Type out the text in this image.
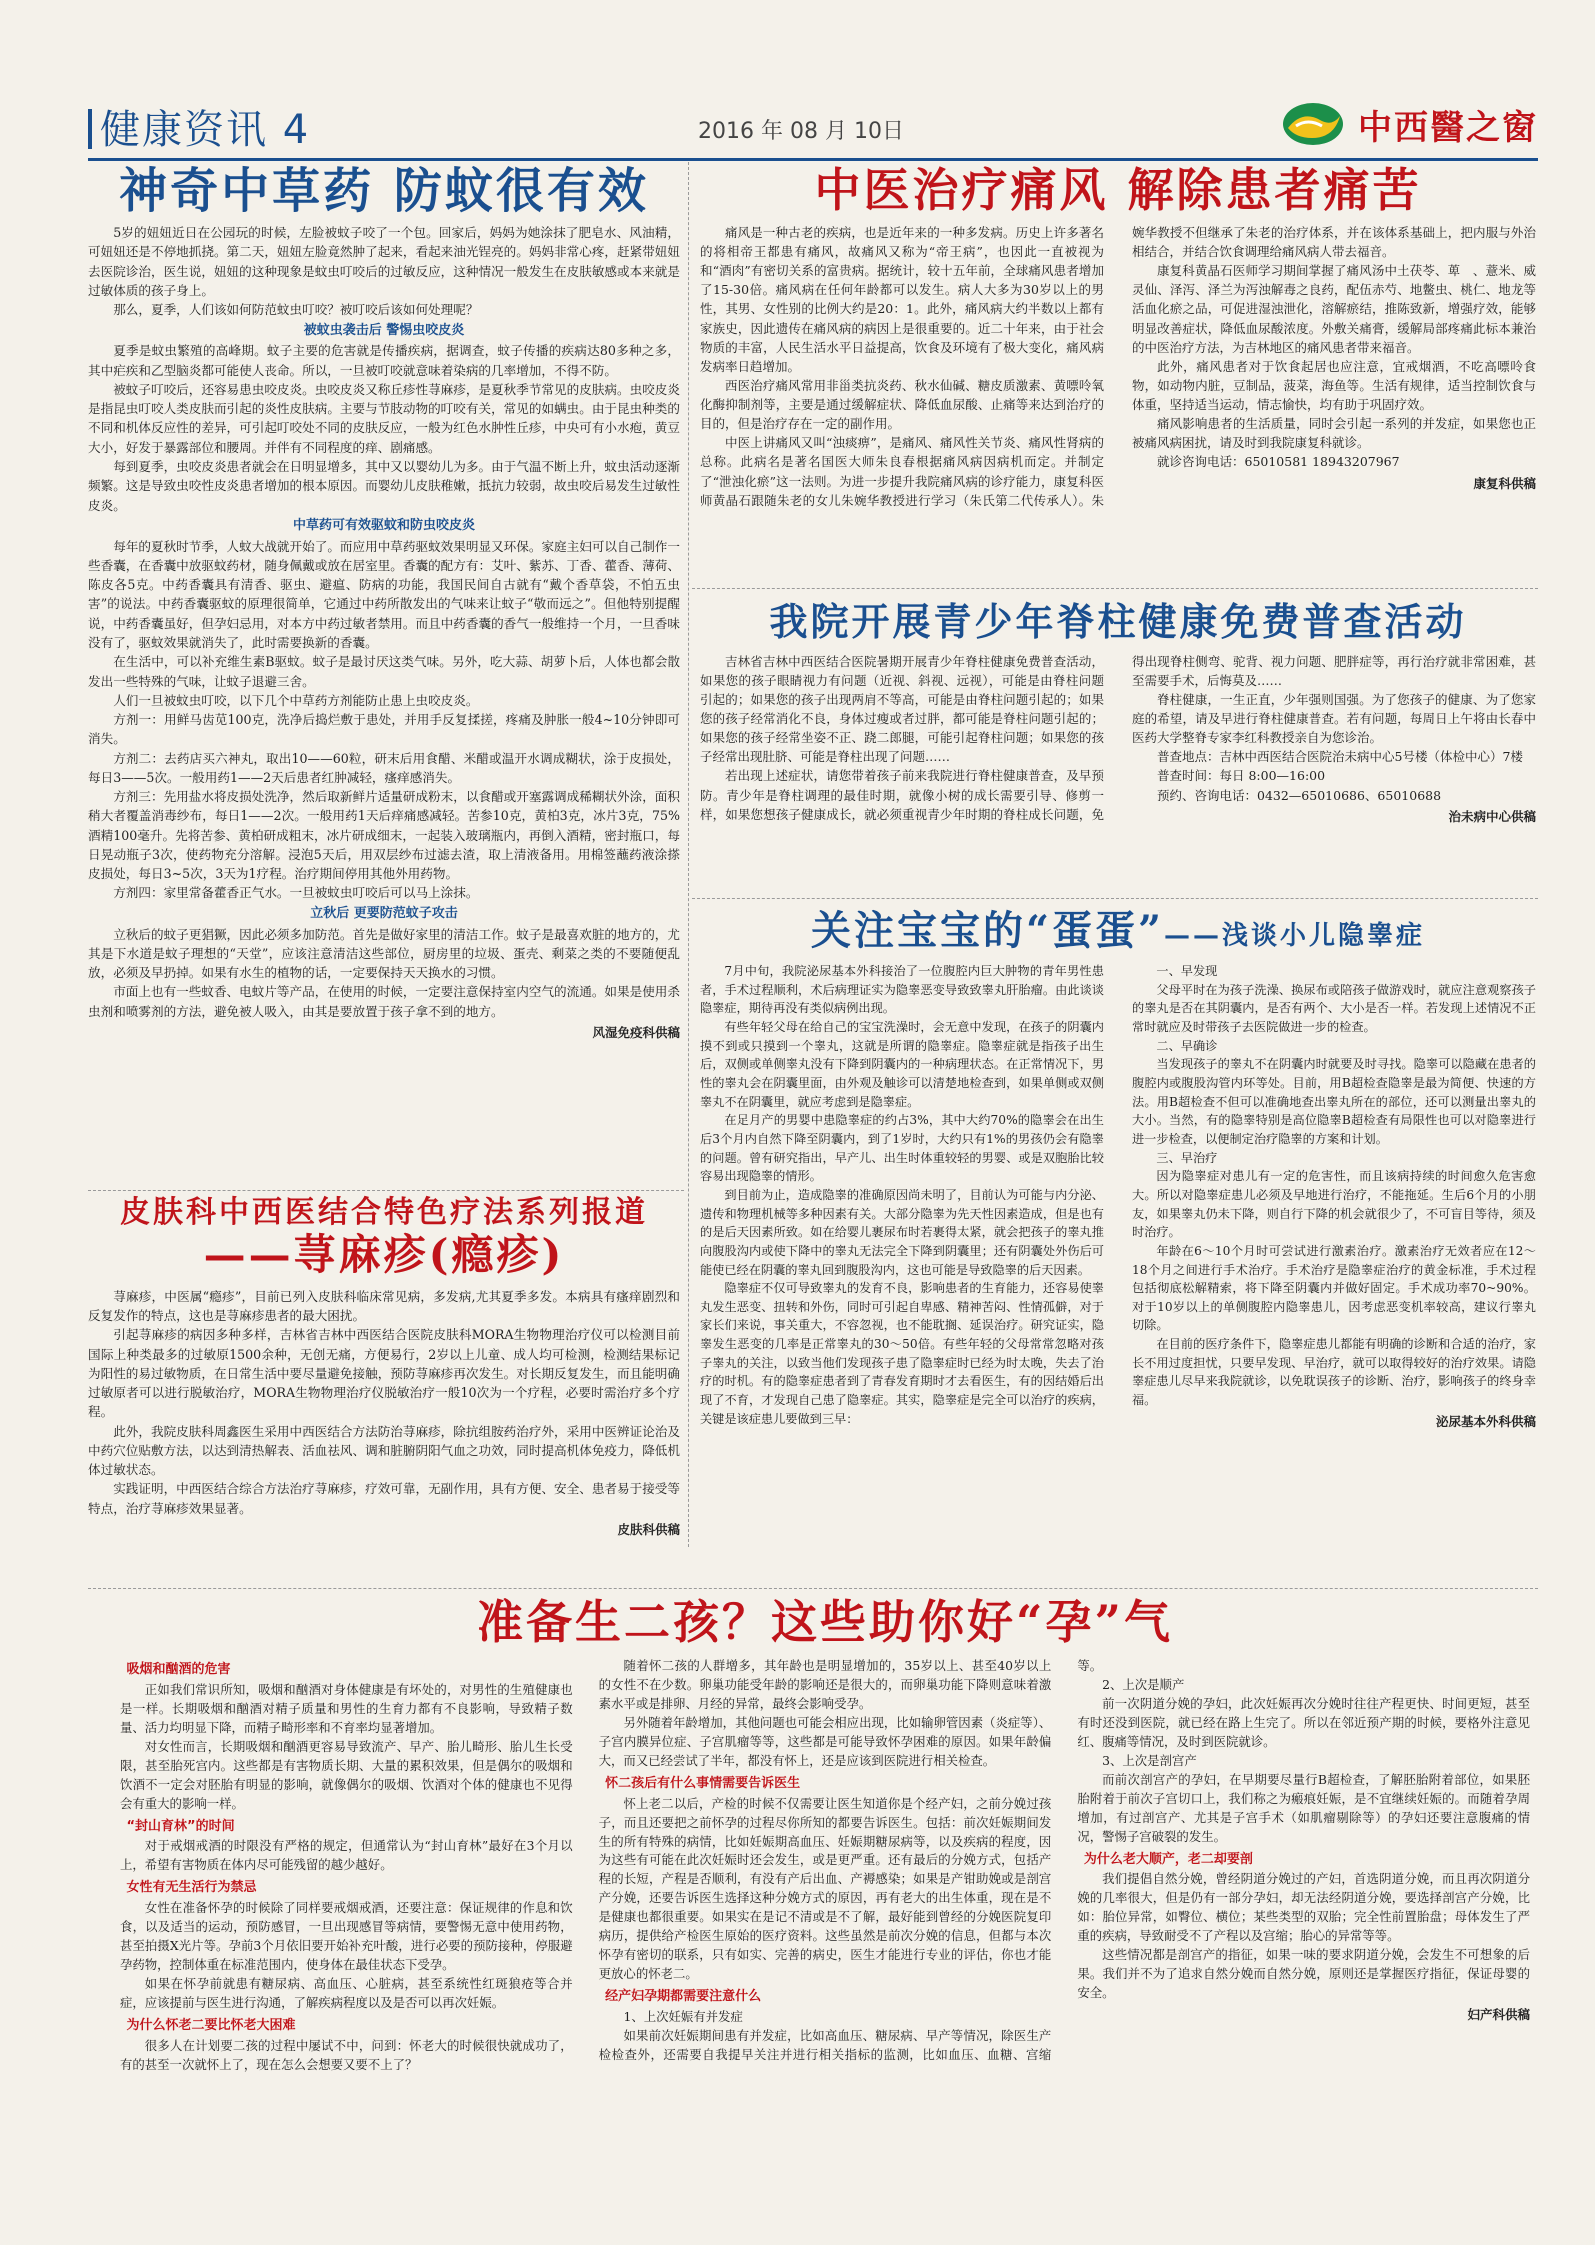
健康资讯 4	2016 年 08 月 10日	中西醫之窗
神奇中草药 防蚊很有效

5岁的妞妞近日在公园玩的时候，左脸被蚊子咬了一个包。回家后，妈妈为她涂抹了肥皂水、风油精，可妞妞还是不停地抓挠。第二天，妞妞左脸竟然肿了起来，看起来油光锃亮的。妈妈非常心疼，赶紧带妞妞去医院诊治，医生说，妞妞的这种现象是蚊虫叮咬后的过敏反应，这种情况一般发生在皮肤敏感或本来就是过敏体质的孩子身上。

那么，夏季，人们该如何防范蚊虫叮咬？被叮咬后该如何处理呢？

被蚊虫袭击后 警惕虫咬皮炎

夏季是蚊虫繁殖的高峰期。蚊子主要的危害就是传播疾病，据调查，蚊子传播的疾病达80多种之多，其中疟疾和乙型脑炎都可能使人丧命。所以，一旦被叮咬就意味着染病的几率增加，不得不防。

被蚊子叮咬后，还容易患虫咬皮炎。虫咬皮炎又称丘疹性荨麻疹，是夏秋季节常见的皮肤病。虫咬皮炎是指昆虫叮咬人类皮肤而引起的炎性皮肤病。主要与节肢动物的叮咬有关，常见的如螨虫。由于昆虫种类的不同和机体反应性的差异，可引起叮咬处不同的皮肤反应，一般为红色水肿性丘疹，中央可有小水疱，黄豆大小，好发于暴露部位和腰周。并伴有不同程度的痒、剧痛感。

每到夏季，虫咬皮炎患者就会在日明显增多，其中又以婴幼儿为多。由于气温不断上升，蚊虫活动逐渐频繁。这是导致虫咬性皮炎患者增加的根本原因。而婴幼儿皮肤稚嫩，抵抗力较弱，故虫咬后易发生过敏性皮炎。

中草药可有效驱蚊和防虫咬皮炎

每年的夏秋时节季，人蚊大战就开始了。而应用中草药驱蚊效果明显又环保。家庭主妇可以自己制作一些香囊，在香囊中放驱蚊药材，随身佩戴或放在居室里。香囊的配方有：艾叶、紫苏、丁香、藿香、薄荷、陈皮各5克。中药香囊具有清香、驱虫、避瘟、防病的功能，我国民间自古就有“戴个香草袋，不怕五虫害”的说法。中药香囊驱蚊的原理很简单，它通过中药所散发出的气味来让蚊子“敬而远之”。但他特别提醒说，中药香囊虽好，但孕妇忌用，对本方中药过敏者禁用。而且中药香囊的香气一般维持一个月，一旦香味没有了，驱蚊效果就消失了，此时需要换新的香囊。

在生活中，可以补充维生素B驱蚊。蚊子是最讨厌这类气味。另外，吃大蒜、胡萝卜后，人体也都会散发出一些特殊的气味，让蚊子退避三舍。

人们一旦被蚊虫叮咬，以下几个中草药方剂能防止患上虫咬皮炎。

方剂一：用鲜马齿苋100克，洗净后捣烂敷于患处，并用手反复揉搓，疼痛及肿胀一般4~10分钟即可消失。

方剂二：去药店买六神丸，取出10——60粒，研末后用食醋、米醋或温开水调成糊状，涂于皮损处，每日3——5次。一般用药1——2天后患者红肿减轻，瘙痒感消失。

方剂三：先用盐水将皮损处洗净，然后取新鲜片适量研成粉末，以食醋或开塞露调成稀糊状外涂，面积稍大者覆盖消毒纱布，每日1——2次。一般用药1天后痒痛感减轻。苦参10克，黄柏3克，冰片3克，75%酒精100毫升。先将苦参、黄柏研成粗末，冰片研成细末，一起装入玻璃瓶内，再倒入酒精，密封瓶口，每日晃动瓶子3次，使药物充分溶解。浸泡5天后，用双层纱布过滤去渣，取上清液备用。用棉签蘸药液涂搽皮损处，每日3~5次，3天为1疗程。治疗期间停用其他外用药物。

方剂四：家里常备藿香正气水。一旦被蚊虫叮咬后可以马上涂抹。

立秋后 更要防范蚊子攻击

立秋后的蚊子更猖獗，因此必须多加防范。首先是做好家里的清洁工作。蚊子是最喜欢脏的地方的，尤其是下水道是蚊子理想的“天堂”，应该注意清洁这些部位，厨房里的垃圾、蛋壳、剩菜之类的不要随便乱放，必须及早扔掉。如果有水生的植物的话，一定要保持天天换水的习惯。

市面上也有一些蚊香、电蚊片等产品，在使用的时候，一定要注意保持室内空气的流通。如果是使用杀虫剂和喷雾剂的方法，避免被人吸入，由其是要放置于孩子拿不到的地方。

风湿免疫科供稿
皮肤科中西医结合特色疗法系列报道
——荨麻疹(瘾疹)

荨麻疹，中医属“瘾疹”，目前已列入皮肤科临床常见病，多发病,尤其夏季多发。本病具有瘙痒剧烈和反复发作的特点，这也是荨麻疹患者的最大困扰。

引起荨麻疹的病因多种多样，吉林省吉林中西医结合医院皮肤科MORA生物物理治疗仪可以检测目前国际上种类最多的过敏原1500余种，无创无痛，方便易行，2岁以上儿童、成人均可检测，检测结果标记为阳性的易过敏物质，在日常生活中要尽量避免接触，预防荨麻疹再次发生。对长期反复发生，而且能明确过敏原者可以进行脱敏治疗，MORA生物物理治疗仪脱敏治疗一般10次为一个疗程，必要时需治疗多个疗程。

此外，我院皮肤科周鑫医生采用中西医结合方法防治荨麻疹，除抗组胺药治疗外，采用中医辨证论治及中药穴位贴敷方法，以达到清热解表、活血祛风、调和脏腑阴阳气血之功效，同时提高机体免疫力，降低机体过敏状态。

实践证明，中西医结合综合方法治疗荨麻疹，疗效可靠，无副作用，具有方便、安全、患者易于接受等特点，治疗荨麻疹效果显著。

皮肤科供稿
中医治疗痛风 解除患者痛苦

痛风是一种古老的疾病，也是近年来的一种多发病。历史上许多著名的将相帝王都患有痛风，故痛风又称为“帝王病”，也因此一直被视为和“酒肉”有密切关系的富贵病。据统计，较十五年前，全球痛风患者增加了15-30倍。痛风病在任何年龄都可以发生。病人大多为30岁以上的男性，其男、女性别的比例大约是20：1。此外，痛风病大约半数以上都有家族史，因此遗传在痛风病的病因上是很重要的。近二十年来，由于社会物质的丰富，人民生活水平日益提高，饮食及环境有了极大变化，痛风病发病率日趋增加。

西医治疗痛风常用非甾类抗炎药、秋水仙碱、糖皮质激素、黄嘌呤氧化酶抑制剂等，主要是通过缓解症状、降低血尿酸、止痛等来达到治疗的目的，但是治疗存在一定的副作用。

中医上讲痛风又叫“浊痰痹”，是痛风、痛风性关节炎、痛风性肾病的总称。此病名是著名国医大师朱良春根据痛风病因病机而定。并制定了“泄浊化瘀”这一法则。为进一步提升我院痛风病的诊疗能力，康复科医师黄晶石跟随朱老的女儿朱婉华教授进行学习（朱氏第二代传承人）。朱婉华教授不但继承了朱老的治疗体系，并在该体系基础上，把内服与外治相结合，并结合饮食调理给痛风病人带去福音。

康复科黄晶石医师学习期间掌握了痛风汤中土茯苓、萆　、薏米、威灵仙、泽泻、泽兰为泻浊解毒之良药，配伍赤芍、地鳖虫、桃仁、地龙等活血化瘀之品，可促进湿浊泄化，溶解瘀结，推陈致新，增强疗效，能够明显改善症状，降低血尿酸浓度。外敷关痛膏，缓解局部疼痛此标本兼治的中医治疗方法，为吉林地区的痛风患者带来福音。

此外，痛风患者对于饮食起居也应注意，宜戒烟酒，不吃高嘌呤食物，如动物内脏，豆制品，菠菜，海鱼等。生活有规律，适当控制饮食与体重，坚持适当运动，情志愉快，均有助于巩固疗效。

痛风影响患者的生活质量，同时会引起一系列的并发症，如果您也正被痛风病困扰，请及时到我院康复科就诊。

就诊咨询电话：65010581 18943207967

康复科供稿
我院开展青少年脊柱健康免费普查活动

吉林省吉林中西医结合医院暑期开展青少年脊柱健康免费普查活动，如果您的孩子眼睛视力有问题（近视、斜视、远视），可能是由脊柱问题引起的；如果您的孩子出现两肩不等高，可能是由脊柱问题引起的；如果您的孩子经常消化不良，身体过瘦或者过胖，都可能是脊柱问题引起的；如果您的孩子经常坐姿不正、跷二郎腿，可能引起脊柱问题；如果您的孩子经常出现肚脐、可能是脊柱出现了问题……

若出现上述症状，请您带着孩子前来我院进行脊柱健康普查，及早预防。青少年是脊柱调理的最佳时期，就像小树的成长需要引导、修剪一样，如果您想孩子健康成长，就必须重视青少年时期的脊柱成长问题，免得出现脊柱侧弯、驼背、视力问题、肥胖症等，再行治疗就非常困难，甚至需要手术，后悔莫及……

脊柱健康，一生正直，少年强则国强。为了您孩子的健康、为了您家庭的希望，请及早进行脊柱健康普查。若有问题，每周日上午将由长春中医药大学整脊专家李红科教授亲自为您诊治。

普查地点：吉林中西医结合医院治未病中心5号楼（体检中心）7楼

普查时间：每日 8:00—16:00

预约、咨询电话：0432—65010686、65010688

治未病中心供稿
关注宝宝的“蛋蛋”——浅谈小儿隐睾症

7月中旬，我院泌尿基本外科接治了一位腹腔内巨大肿物的青年男性患者，手术过程顺利，术后病理证实为隐睾恶变导致致睾丸肝胎瘤。由此谈谈隐睾症，期待再没有类似病例出现。

有些年轻父母在给自己的宝宝洗澡时，会无意中发现，在孩子的阴囊内摸不到或只摸到一个睾丸，这就是所谓的隐睾症。隐睾症就是指孩子出生后，双侧或单侧睾丸没有下降到阴囊内的一种病理状态。在正常情况下，男性的睾丸会在阴囊里面，由外观及触诊可以清楚地检查到，如果单侧或双侧睾丸不在阴囊里，就应考虑到是隐睾症。

在足月产的男婴中患隐睾症的约占3%，其中大约70%的隐睾会在出生后3个月内自然下降至阴囊内，到了1岁时，大约只有1%的男孩仍会有隐睾的问题。曾有研究指出，早产儿、出生时体重较轻的男婴、或是双胞胎比较容易出现隐睾的情形。

到目前为止，造成隐睾的准确原因尚未明了，目前认为可能与内分泌、遗传和物理机械等多种因素有关。大部分隐睾为先天性因素造成，但是也有的是后天因素所致。如在给婴儿裹尿布时若裹得太紧，就会把孩子的睾丸推向腹股沟内或使下降中的睾丸无法完全下降到阴囊里；还有阴囊处外伤后可能使已经在阴囊的睾丸回到腹股沟内，这也可能是导致隐睾的后天因素。

隐睾症不仅可导致睾丸的发育不良，影响患者的生育能力，还容易使睾丸发生恶变、扭转和外伤，同时可引起自卑感、精神苦闷、性情孤僻，对于家长们来说，事关重大，不容忽视，也不能耽搁、延误治疗。研究证实，隐睾发生恶变的几率是正常睾丸的30～50倍。有些年轻的父母常常忽略对孩子睾丸的关注，以致当他们发现孩子患了隐睾症时已经为时太晚，失去了治疗的时机。有的隐睾症患者到了青春发育期时才去看医生，有的因结婚后出现了不育，才发现自己患了隐睾症。其实，隐睾症是完全可以治疗的疾病，关键是该症患儿要做到三早：

一、早发现

父母平时在为孩子洗澡、换尿布或陪孩子做游戏时，就应注意观察孩子的睾丸是否在其阴囊内，是否有两个、大小是否一样。若发现上述情况不正常时就应及时带孩子去医院做进一步的检查。

二、早确诊

当发现孩子的睾丸不在阴囊内时就要及时寻找。隐睾可以隐藏在患者的腹腔内或腹股沟管内环等处。目前，用B超检查隐睾是最为简便、快速的方法。用B超检查不但可以准确地查出睾丸所在的部位，还可以测量出睾丸的大小。当然，有的隐睾特别是高位隐睾B超检查有局限性也可以对隐睾进行进一步检查，以便制定治疗隐睾的方案和计划。

三、早治疗

因为隐睾症对患儿有一定的危害性，而且该病持续的时间愈久危害愈大。所以对隐睾症患儿必须及早地进行治疗，不能拖延。生后6个月的小朋友，如果睾丸仍未下降，则自行下降的机会就很少了，不可盲目等待，须及时治疗。

年龄在6～10个月时可尝试进行激素治疗。激素治疗无效者应在12～18个月之间进行手术治疗。手术治疗是隐睾症治疗的黄金标准，手术过程包括彻底松解精索，将下降至阴囊内并做好固定。手术成功率70~90%。对于10岁以上的单侧腹腔内隐睾患儿，因考虑恶变机率较高，建议行睾丸切除。

在目前的医疗条件下，隐睾症患儿都能有明确的诊断和合适的治疗，家长不用过度担忧，只要早发现、早治疗，就可以取得较好的治疗效果。请隐睾症患儿尽早来我院就诊，以免耽误孩子的诊断、治疗，影响孩子的终身幸福。

泌尿基本外科供稿
准备生二孩？这些助你好“孕”气
吸烟和酗酒的危害

正如我们常识所知，吸烟和酗酒对身体健康是有坏处的，对男性的生殖健康也是一样。长期吸烟和酗酒对精子质量和男性的生育力都有不良影响，导致精子数量、活力均明显下降，而精子畸形率和不育率均显著增加。

对女性而言，长期吸烟和酗酒更容易导致流产、早产、胎儿畸形、胎儿生长受限，甚至胎死宫内。这些都是有害物质长期、大量的累积效果，但是偶尔的吸烟和饮酒不一定会对胚胎有明显的影响，就像偶尔的吸烟、饮酒对个体的健康也不见得会有重大的影响一样。

“封山育林”的时间

对于戒烟戒酒的时限没有严格的规定，但通常认为“封山育林”最好在3个月以上，希望有害物质在体内尽可能残留的越少越好。

女性有无生活行为禁忌

女性在准备怀孕的时候除了同样要戒烟戒酒，还要注意：保证规律的作息和饮食，以及适当的运动，预防感冒，一旦出现感冒等病情，要警惕无意中使用药物，甚至拍摄X光片等。孕前3个月依旧要开始补充叶酸，进行必要的预防接种，停服避孕药物，控制体重在标准范围内，使身体在最佳状态下受孕。

如果在怀孕前就患有糖尿病、高血压、心脏病，甚至系统性红斑狼疮等合并症，应该提前与医生进行沟通，了解疾病程度以及是否可以再次妊娠。

为什么怀老二要比怀老大困难

很多人在计划要二孩的过程中屡试不中，问到：怀老大的时候很快就成功了，有的甚至一次就怀上了，现在怎么会想要又要不上了？

随着怀二孩的人群增多，其年龄也是明显增加的，35岁以上、甚至40岁以上的女性不在少数。卵巢功能受年龄的影响还是很大的，而卵巢功能下降则意味着激素水平或是排卵、月经的异常，最终会影响受孕。

另外随着年龄增加，其他问题也可能会相应出现，比如输卵管因素（炎症等）、子宫内膜异位症、子宫肌瘤等等，这些都是可能导致怀孕困难的原因。如果年龄偏大，而又已经尝试了半年，都没有怀上，还是应该到医院进行相关检查。

怀二孩后有什么事情需要告诉医生

怀上老二以后，产检的时候不仅需要让医生知道你是个经产妇，之前分娩过孩子，而且还要把之前怀孕的过程尽你所知的都要告诉医生。包括：前次妊娠期间发生的所有特殊的病情，比如妊娠期高血压、妊娠期糖尿病等，以及疾病的程度，因为这些有可能在此次妊娠时还会发生，或是更严重。还有最后的分娩方式，包括产程的长短，产程是否顺利，有没有产后出血、产褥感染；如果是产钳助娩或是剖宫产分娩，还要告诉医生选择这种分娩方式的原因，再有老大的出生体重，现在是不是健康也都很重要。如果实在是记不清或是不了解，最好能到曾经的分娩医院复印病历，提供给产检医生原始的医疗资料。这些虽然是前次分娩的信息，但都与本次怀孕有密切的联系，只有如实、完善的病史，医生才能进行专业的评估，你也才能更放心的怀老二。

经产妇孕期都需要注意什么

1、上次妊娠有并发症

如果前次妊娠期间患有并发症，比如高血压、糖尿病、早产等情况，除医生产检检查外，还需要自我提早关注并进行相关指标的监测，比如血压、血糖、宫缩等。

2、上次是顺产

前一次阴道分娩的孕妇，此次妊娠再次分娩时往往产程更快、时间更短，甚至有时还没到医院，就已经在路上生完了。所以在邻近预产期的时候，要格外注意见红、腹痛等情况，及时到医院就诊。

3、上次是剖宫产

而前次剖宫产的孕妇，在早期要尽量行B超检查，了解胚胎附着部位，如果胚胎附着于前次子宫切口上，我们称之为瘢痕妊娠，是不宜继续妊娠的。而随着孕周增加，有过剖宫产、尤其是子宫手术（如肌瘤剔除等）的孕妇还要注意腹痛的情况，警惕子宫破裂的发生。

为什么老大顺产，老二却要剖

我们提倡自然分娩，曾经阴道分娩过的产妇，首选阴道分娩，而且再次阴道分娩的几率很大，但是仍有一部分孕妇，却无法经阴道分娩，要选择剖宫产分娩，比如：胎位异常，如臀位、横位；某些类型的双胎；完全性前置胎盘；母体发生了严重的疾病，导致耐受不了产程以及宫缩；胎心的异常等等。

这些情况都是剖宫产的指征，如果一味的要求阴道分娩，会发生不可想象的后果。我们并不为了追求自然分娩而自然分娩，原则还是掌握医疗指征，保证母婴的安全。

妇产科供稿
